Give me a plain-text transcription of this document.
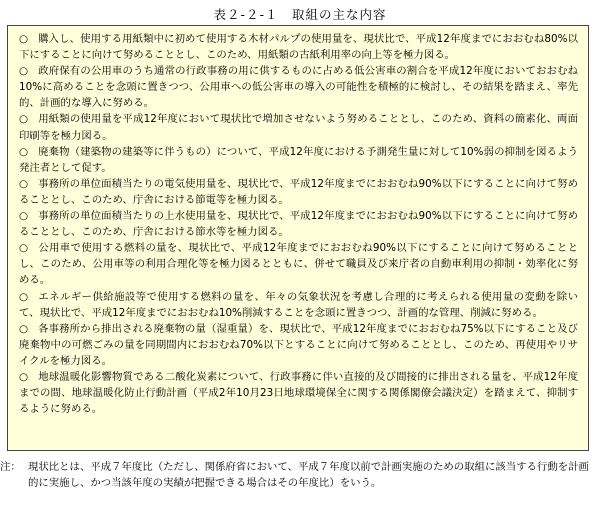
表２-２-１　取組の主な内容

○ 購入し、使用する用紙類中に初めて使用する木材パルプの使用量を、現状比で、平成12年度までにおおむね80%以下にすることに向けて努めることとし、このため、用紙類の古紙利用率の向上等を極力図る。

○ 政府保有の公用車のうち通常の行政事務の用に供するものに占める低公害車の割合を平成12年度においておおむね10%に高めることを念頭に置きつつ、公用車への低公害車の導入の可能性を積極的に検討し、その結果を踏まえ、率先的、計画的な導入に努める。

○ 用紙類の使用量を平成12年度において現状比で増加させないよう努めることとし、このため、資料の簡素化、両面印刷等を極力図る。

○ 廃棄物（建築物の建築等に伴うもの）について、平成12年度における予測発生量に対して10%弱の抑制を図るよう発注者として促す。

○ 事務所の単位面積当たりの電気使用量を、現状比で、平成12年度までにおおむね90%以下にすることに向けて努めることとし、このため、庁舎における節電等を極力図る。

○ 事務所の単位面積当たりの上水使用量を、現状比で、平成12年度までにおおむね90%以下にすることに向けて努めることとし、このため、庁舎における節水等を極力図る。

○ 公用車で使用する燃料の量を、現状比で、平成12年度までにおおむね90%以下にすることに向けて努めることとし、このため、公用車等の利用合理化等を極力図るとともに、併せて職員及び来庁者の自動車利用の抑制・効率化に努める。

○ エネルギー供給施設等で使用する燃料の量を、年々の気象状況を考慮し合理的に考えられる使用量の変動を除いて、現状比で、平成12年度までにおおむね10%削減することを念頭に置きつつ、計画的な管理、削減に努める。

○ 各事務所から排出される廃棄物の量（湿重量）を、現状比で、平成12年度までにおおむね75%以下にすること及び廃棄物中の可燃ごみの量を同期間内におおむね70%以下とすることに向けて努めることとし、このため、再使用やリサイクルを極力図る。

○ 地球温暖化影響物質である二酸化炭素について、行政事務に伴い直接的及び間接的に排出される量を、平成12年度までの間、地球温暖化防止行動計画（平成2年10月23日地球環境保全に関する関係閣僚会議決定）を踏まえて、抑制するように努める。

注： 現状比とは、平成７年度比（ただし、関係府省において、平成７年度以前で計画実施のための取組に該当する行動を計画的に実施し、かつ当該年度の実績が把握できる場合はその年度比）をいう。
